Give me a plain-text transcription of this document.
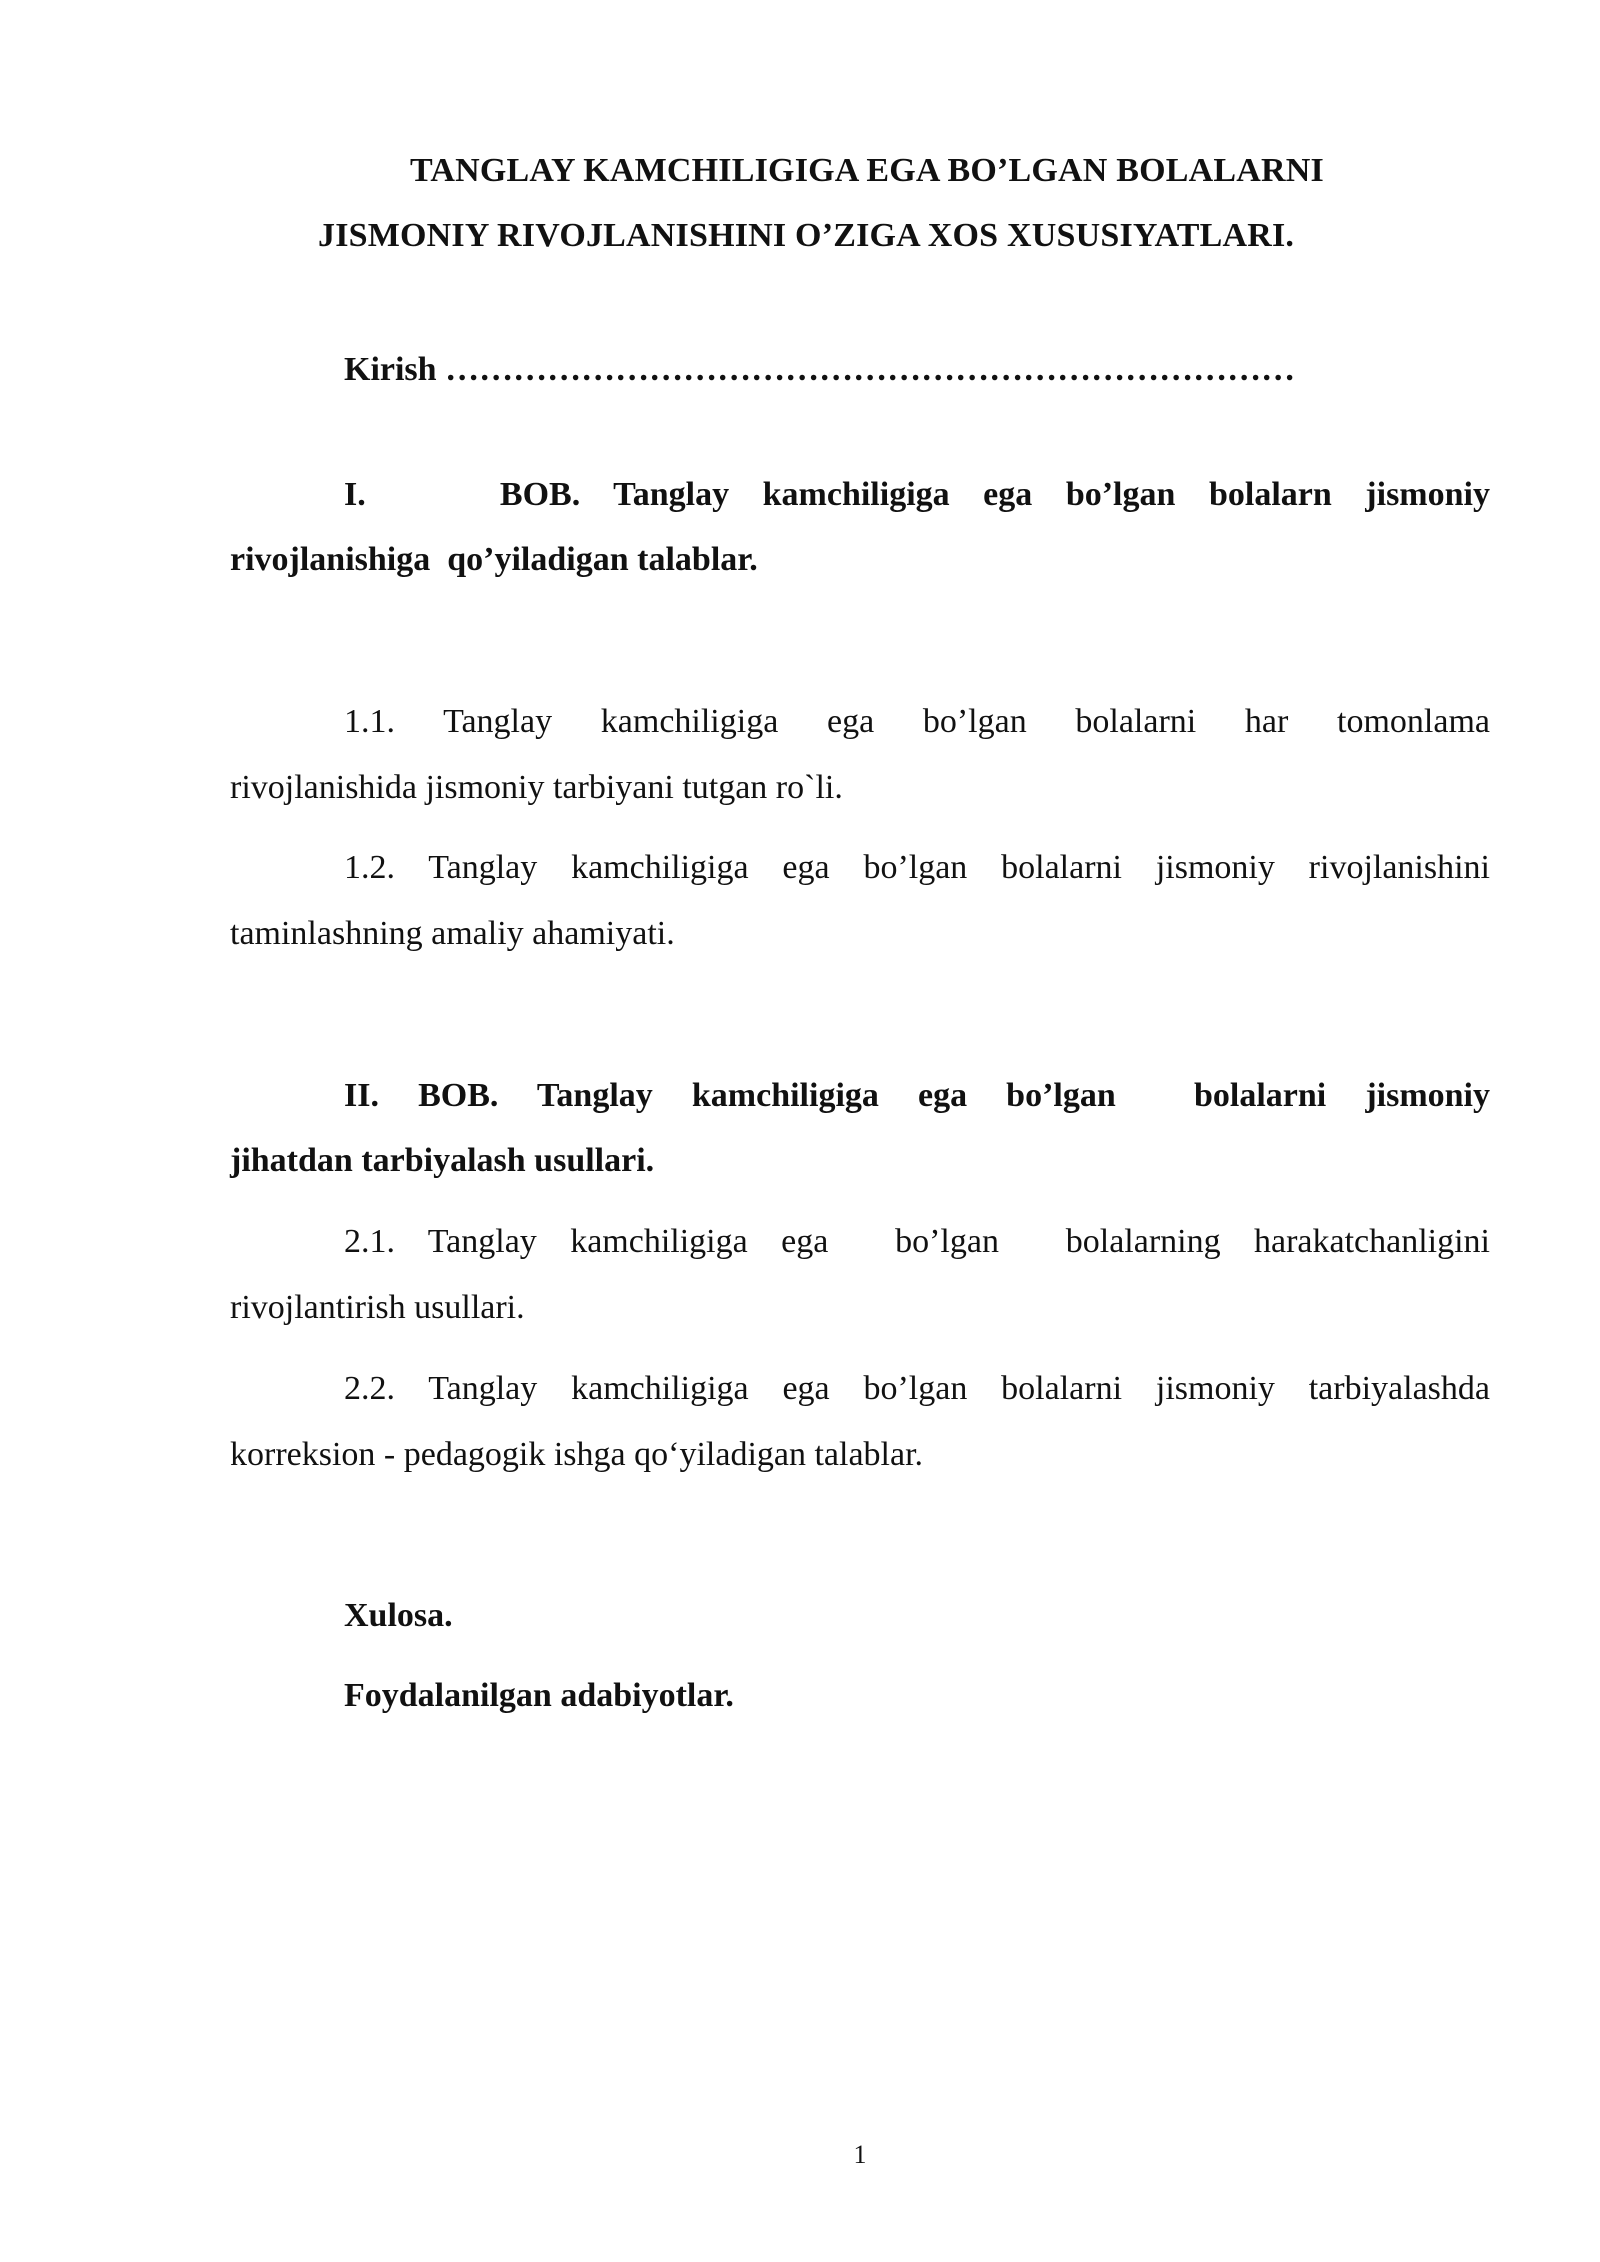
TANGLAY KAMCHILIGIGA EGA BO’LGAN BOLALARNI
JISMONIY RIVOJLANISHINI O’ZIGA XOS XUSUSIYATLARI.
Kirish …………………………………………………………………
I.    BOB. Tanglay kamchiligiga ega bo’lgan bolalarn jismoniy
rivojlanishiga  qo’yiladigan talablar.
1.1. Tanglay kamchiligiga ega bo’lgan bolalarni har tomonlama
rivojlanishida jismoniy tarbiyani tutgan ro`li.
1.2. Tanglay kamchiligiga ega bo’lgan bolalarni jismoniy rivojlanishini
taminlashning amaliy ahamiyati.
II. BOB. Tanglay kamchiligiga ega bo’lgan  bolalarni jismoniy
jihatdan tarbiyalash usullari.
2.1. Tanglay kamchiligiga ega  bo’lgan  bolalarning harakatchanligini
rivojlantirish usullari.
2.2. Tanglay kamchiligiga ega bo’lgan bolalarni jismoniy tarbiyalashda
korreksion - pedagogik ishga qo‘yiladigan talablar.
Xulosa.
Foydalanilgan adabiyotlar.
1
